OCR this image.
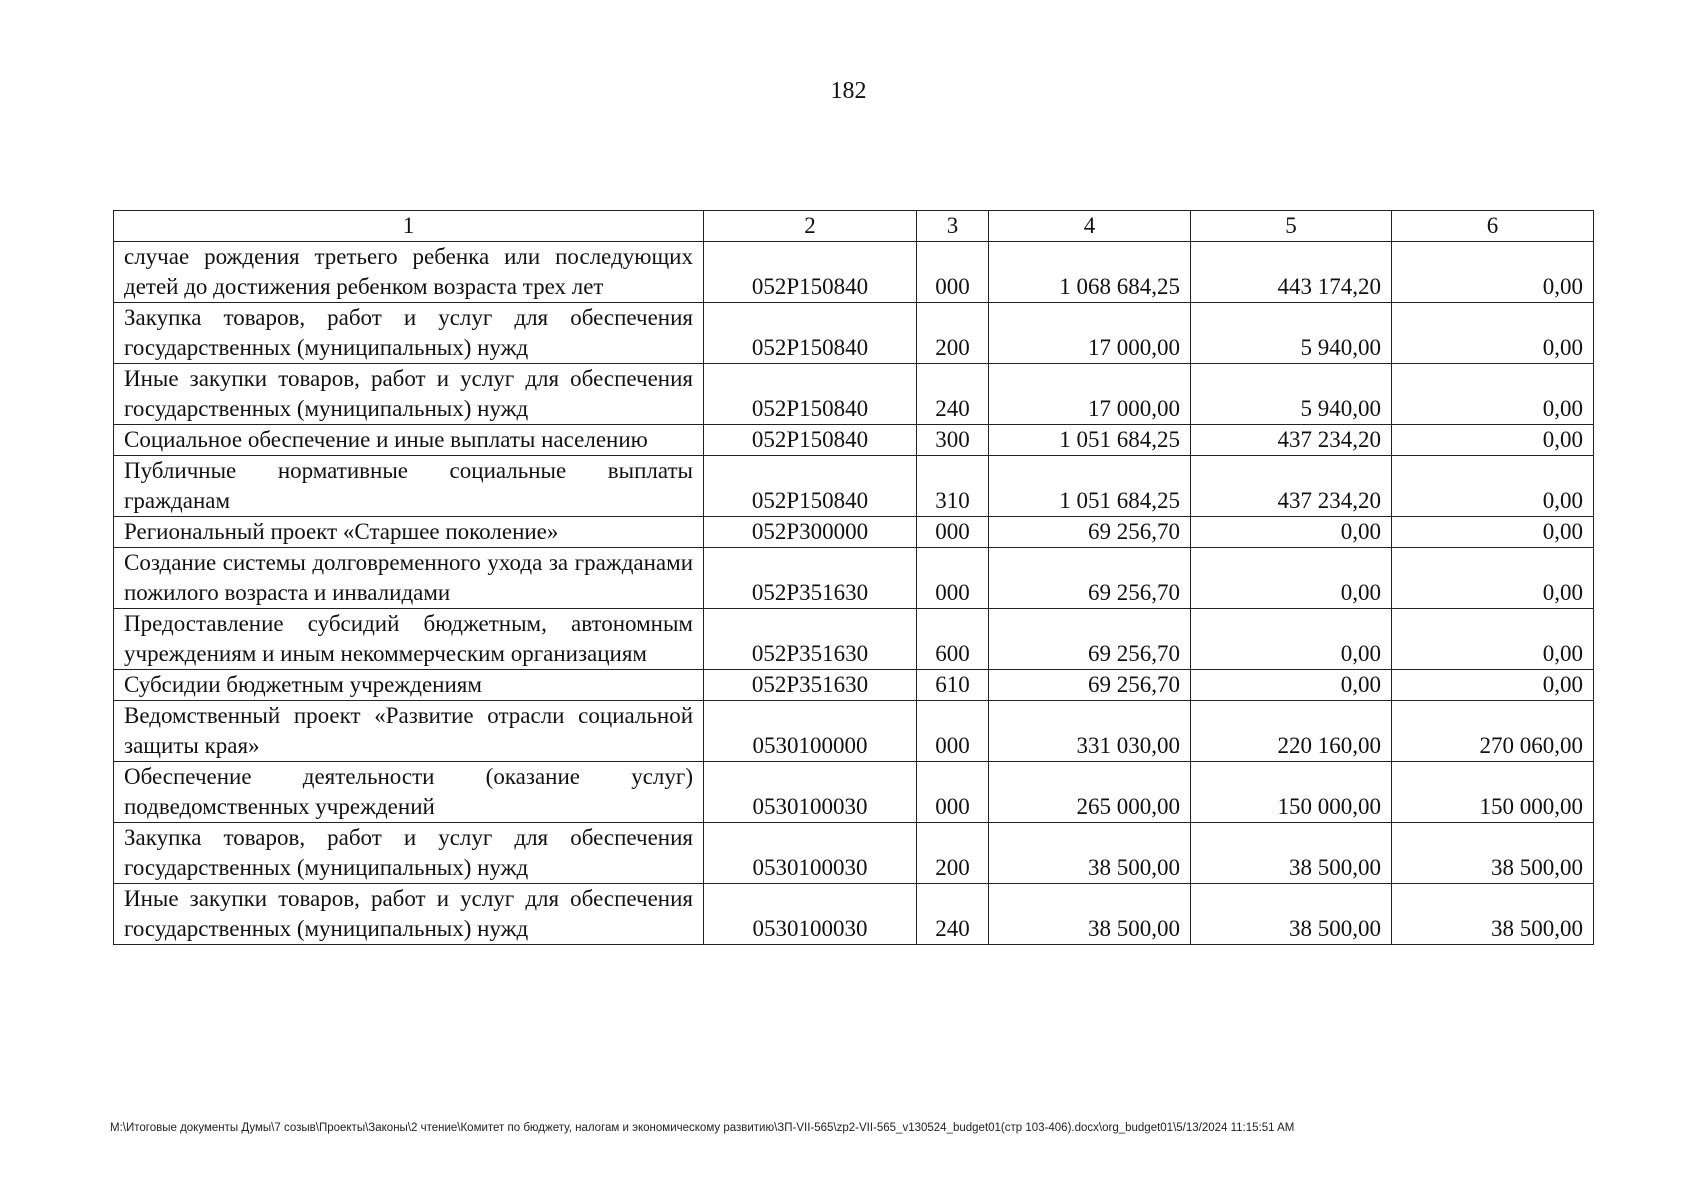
182
1	2	3	4	5	6
случае рождения третьего ребенка или последующих детей до достижения ребенком возраста трех лет	052P150840	000	1 068 684,25	443 174,20	0,00
Закупка товаров, работ и услуг для обеспечения государственных (муниципальных) нужд	052P150840	200	17 000,00	5 940,00	0,00
Иные закупки товаров, работ и услуг для обеспечения государственных (муниципальных) нужд	052P150840	240	17 000,00	5 940,00	0,00
Социальное обеспечение и иные выплаты населению	052P150840	300	1 051 684,25	437 234,20	0,00
Публичные нормативные социальные выплаты гражданам	052P150840	310	1 051 684,25	437 234,20	0,00
Региональный проект «Старшее поколение»	052P300000	000	69 256,70	0,00	0,00
Создание системы долговременного ухода за гражданами пожилого возраста и инвалидами	052P351630	000	69 256,70	0,00	0,00
Предоставление субсидий бюджетным, автономным учреждениям и иным некоммерческим организациям	052P351630	600	69 256,70	0,00	0,00
Субсидии бюджетным учреждениям	052P351630	610	69 256,70	0,00	0,00
Ведомственный проект «Развитие отрасли социальной защиты края»	0530100000	000	331 030,00	220 160,00	270 060,00
Обеспечение деятельности (оказание услуг) подведомственных учреждений	0530100030	000	265 000,00	150 000,00	150 000,00
Закупка товаров, работ и услуг для обеспечения государственных (муниципальных) нужд	0530100030	200	38 500,00	38 500,00	38 500,00
Иные закупки товаров, работ и услуг для обеспечения государственных (муниципальных) нужд	0530100030	240	38 500,00	38 500,00	38 500,00
M:\Итоговые документы Думы\7 созыв\Проекты\Законы\2 чтение\Комитет по бюджету, налогам и экономическому развитию\ЗП-VII-565\zp2-VII-565_v130524_budget01(стр 103-406).docx\org_budget01\5/13/2024 11:15:51 AM
